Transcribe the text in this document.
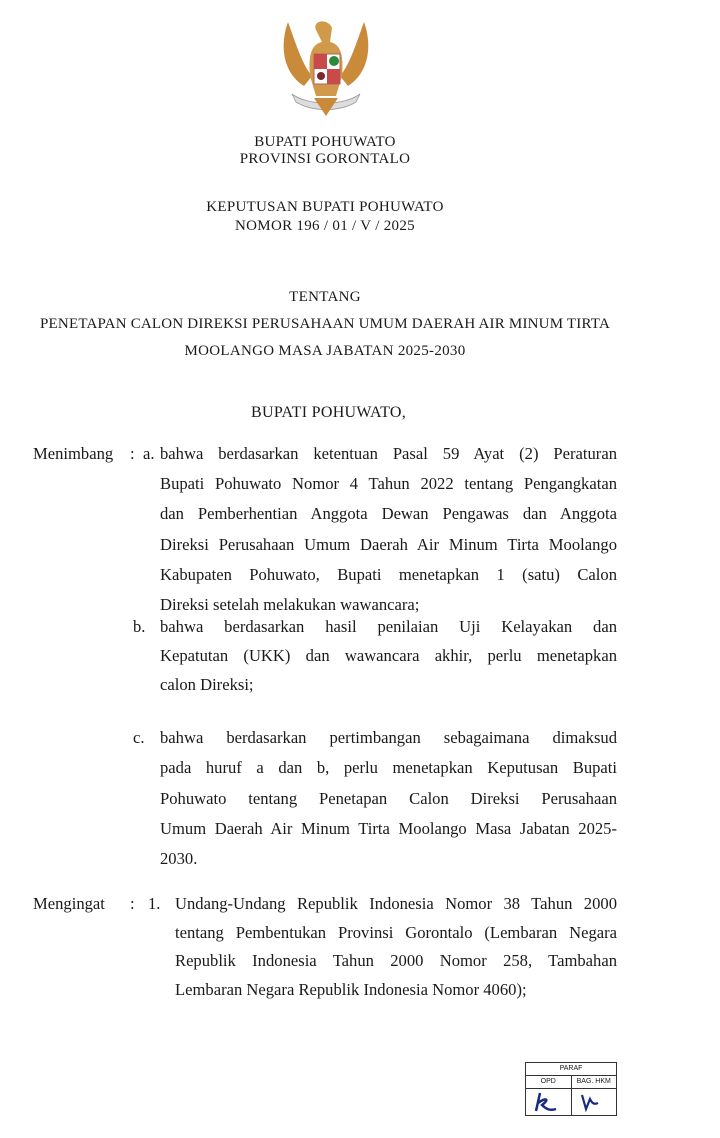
BUPATI POHUWATO
PROVINSI GORONTALO
KEPUTUSAN BUPATI POHUWATO
NOMOR 196 / 01 / V / 2025
TENTANG
PENETAPAN CALON DIREKSI PERUSAHAAN UMUM DAERAH AIR MINUM TIRTA
MOOLANGO MASA JABATAN 2025-2030
BUPATI POHUWATO,
Menimbang : a. bahwa berdasarkan ketentuan Pasal 59 Ayat (2) Peraturan
Bupati Pohuwato Nomor 4 Tahun 2022 tentang Pengangkatan
dan Pemberhentian Anggota Dewan Pengawas dan Anggota
Direksi Perusahaan Umum Daerah Air Minum Tirta Moolango
Kabupaten Pohuwato, Bupati menetapkan 1 (satu) Calon
Direksi setelah melakukan wawancara;
b. bahwa berdasarkan hasil penilaian Uji Kelayakan dan
Kepatutan (UKK) dan wawancara akhir, perlu menetapkan
calon Direksi;
c. bahwa berdasarkan pertimbangan sebagaimana dimaksud
pada huruf a dan b, perlu menetapkan Keputusan Bupati
Pohuwato tentang Penetapan Calon Direksi Perusahaan
Umum Daerah Air Minum Tirta Moolango Masa Jabatan 2025-
2030.
Mengingat : 1. Undang-Undang Republik Indonesia Nomor 38 Tahun 2000
tentang Pembentukan Provinsi Gorontalo (Lembaran Negara
Republik Indonesia Tahun 2000 Nomor 258, Tambahan
Lembaran Negara Republik Indonesia Nomor 4060);
PARAF
OPD	BAG. HKM
